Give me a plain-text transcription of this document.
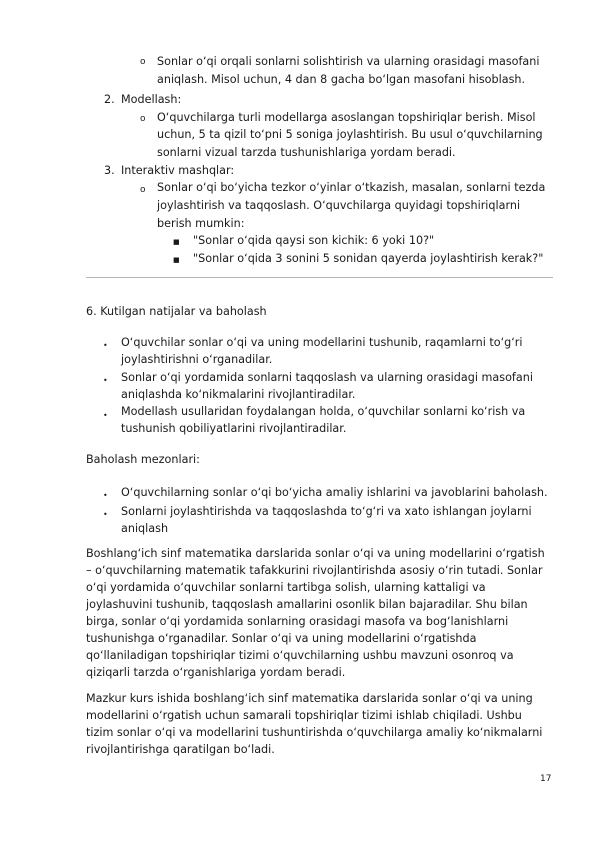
o Sonlar o‘qi orqali sonlarni solishtirish va ularning orasidagi masofani
aniqlash. Misol uchun, 4 dan 8 gacha bo‘lgan masofani hisoblash.
2. Modellash:
o O‘quvchilarga turli modellarga asoslangan topshiriqlar berish. Misol
uchun, 5 ta qizil to‘pni 5 soniga joylashtirish. Bu usul o‘quvchilarning
sonlarni vizual tarzda tushunishlariga yordam beradi.
3. Interaktiv mashqlar:
o Sonlar o‘qi bo‘yicha tezkor o‘yinlar o‘tkazish, masalan, sonlarni tezda
joylashtirish va taqqoslash. O‘quvchilarga quyidagi topshiriqlarni
berish mumkin:
■ "Sonlar o‘qida qaysi son kichik: 6 yoki 10?"
■ "Sonlar o‘qida 3 sonini 5 sonidan qayerda joylashtirish kerak?"
6. Kutilgan natijalar va baholash
• O‘quvchilar sonlar o‘qi va uning modellarini tushunib, raqamlarni to‘g‘ri
joylashtirishni o‘rganadilar.
• Sonlar o‘qi yordamida sonlarni taqqoslash va ularning orasidagi masofani
aniqlashda ko‘nikmalarini rivojlantiradilar.
• Modellash usullaridan foydalangan holda, o‘quvchilar sonlarni ko‘rish va
tushunish qobiliyatlarini rivojlantiradilar.
Baholash mezonlari:
• O‘quvchilarning sonlar o‘qi bo‘yicha amaliy ishlarini va javoblarini baholash.
• Sonlarni joylashtirishda va taqqoslashda to‘g‘ri va xato ishlangan joylarni
aniqlash
Boshlang‘ich sinf matematika darslarida sonlar o‘qi va uning modellarini o‘rgatish
– o‘quvchilarning matematik tafakkurini rivojlantirishda asosiy o‘rin tutadi. Sonlar
o‘qi yordamida o‘quvchilar sonlarni tartibga solish, ularning kattaligi va
joylashuvini tushunib, taqqoslash amallarini osonlik bilan bajaradilar. Shu bilan
birga, sonlar o‘qi yordamida sonlarning orasidagi masofa va bog‘lanishlarni
tushunishga o‘rganadilar. Sonlar o‘qi va uning modellarini o‘rgatishda
qo‘llaniladigan topshiriqlar tizimi o‘quvchilarning ushbu mavzuni osonroq va
qiziqarli tarzda o‘rganishlariga yordam beradi.
Mazkur kurs ishida boshlang‘ich sinf matematika darslarida sonlar o‘qi va uning
modellarini o‘rgatish uchun samarali topshiriqlar tizimi ishlab chiqiladi. Ushbu
tizim sonlar o‘qi va modellarini tushuntirishda o‘quvchilarga amaliy ko‘nikmalarni
rivojlantirishga qaratilgan bo‘ladi.
17
